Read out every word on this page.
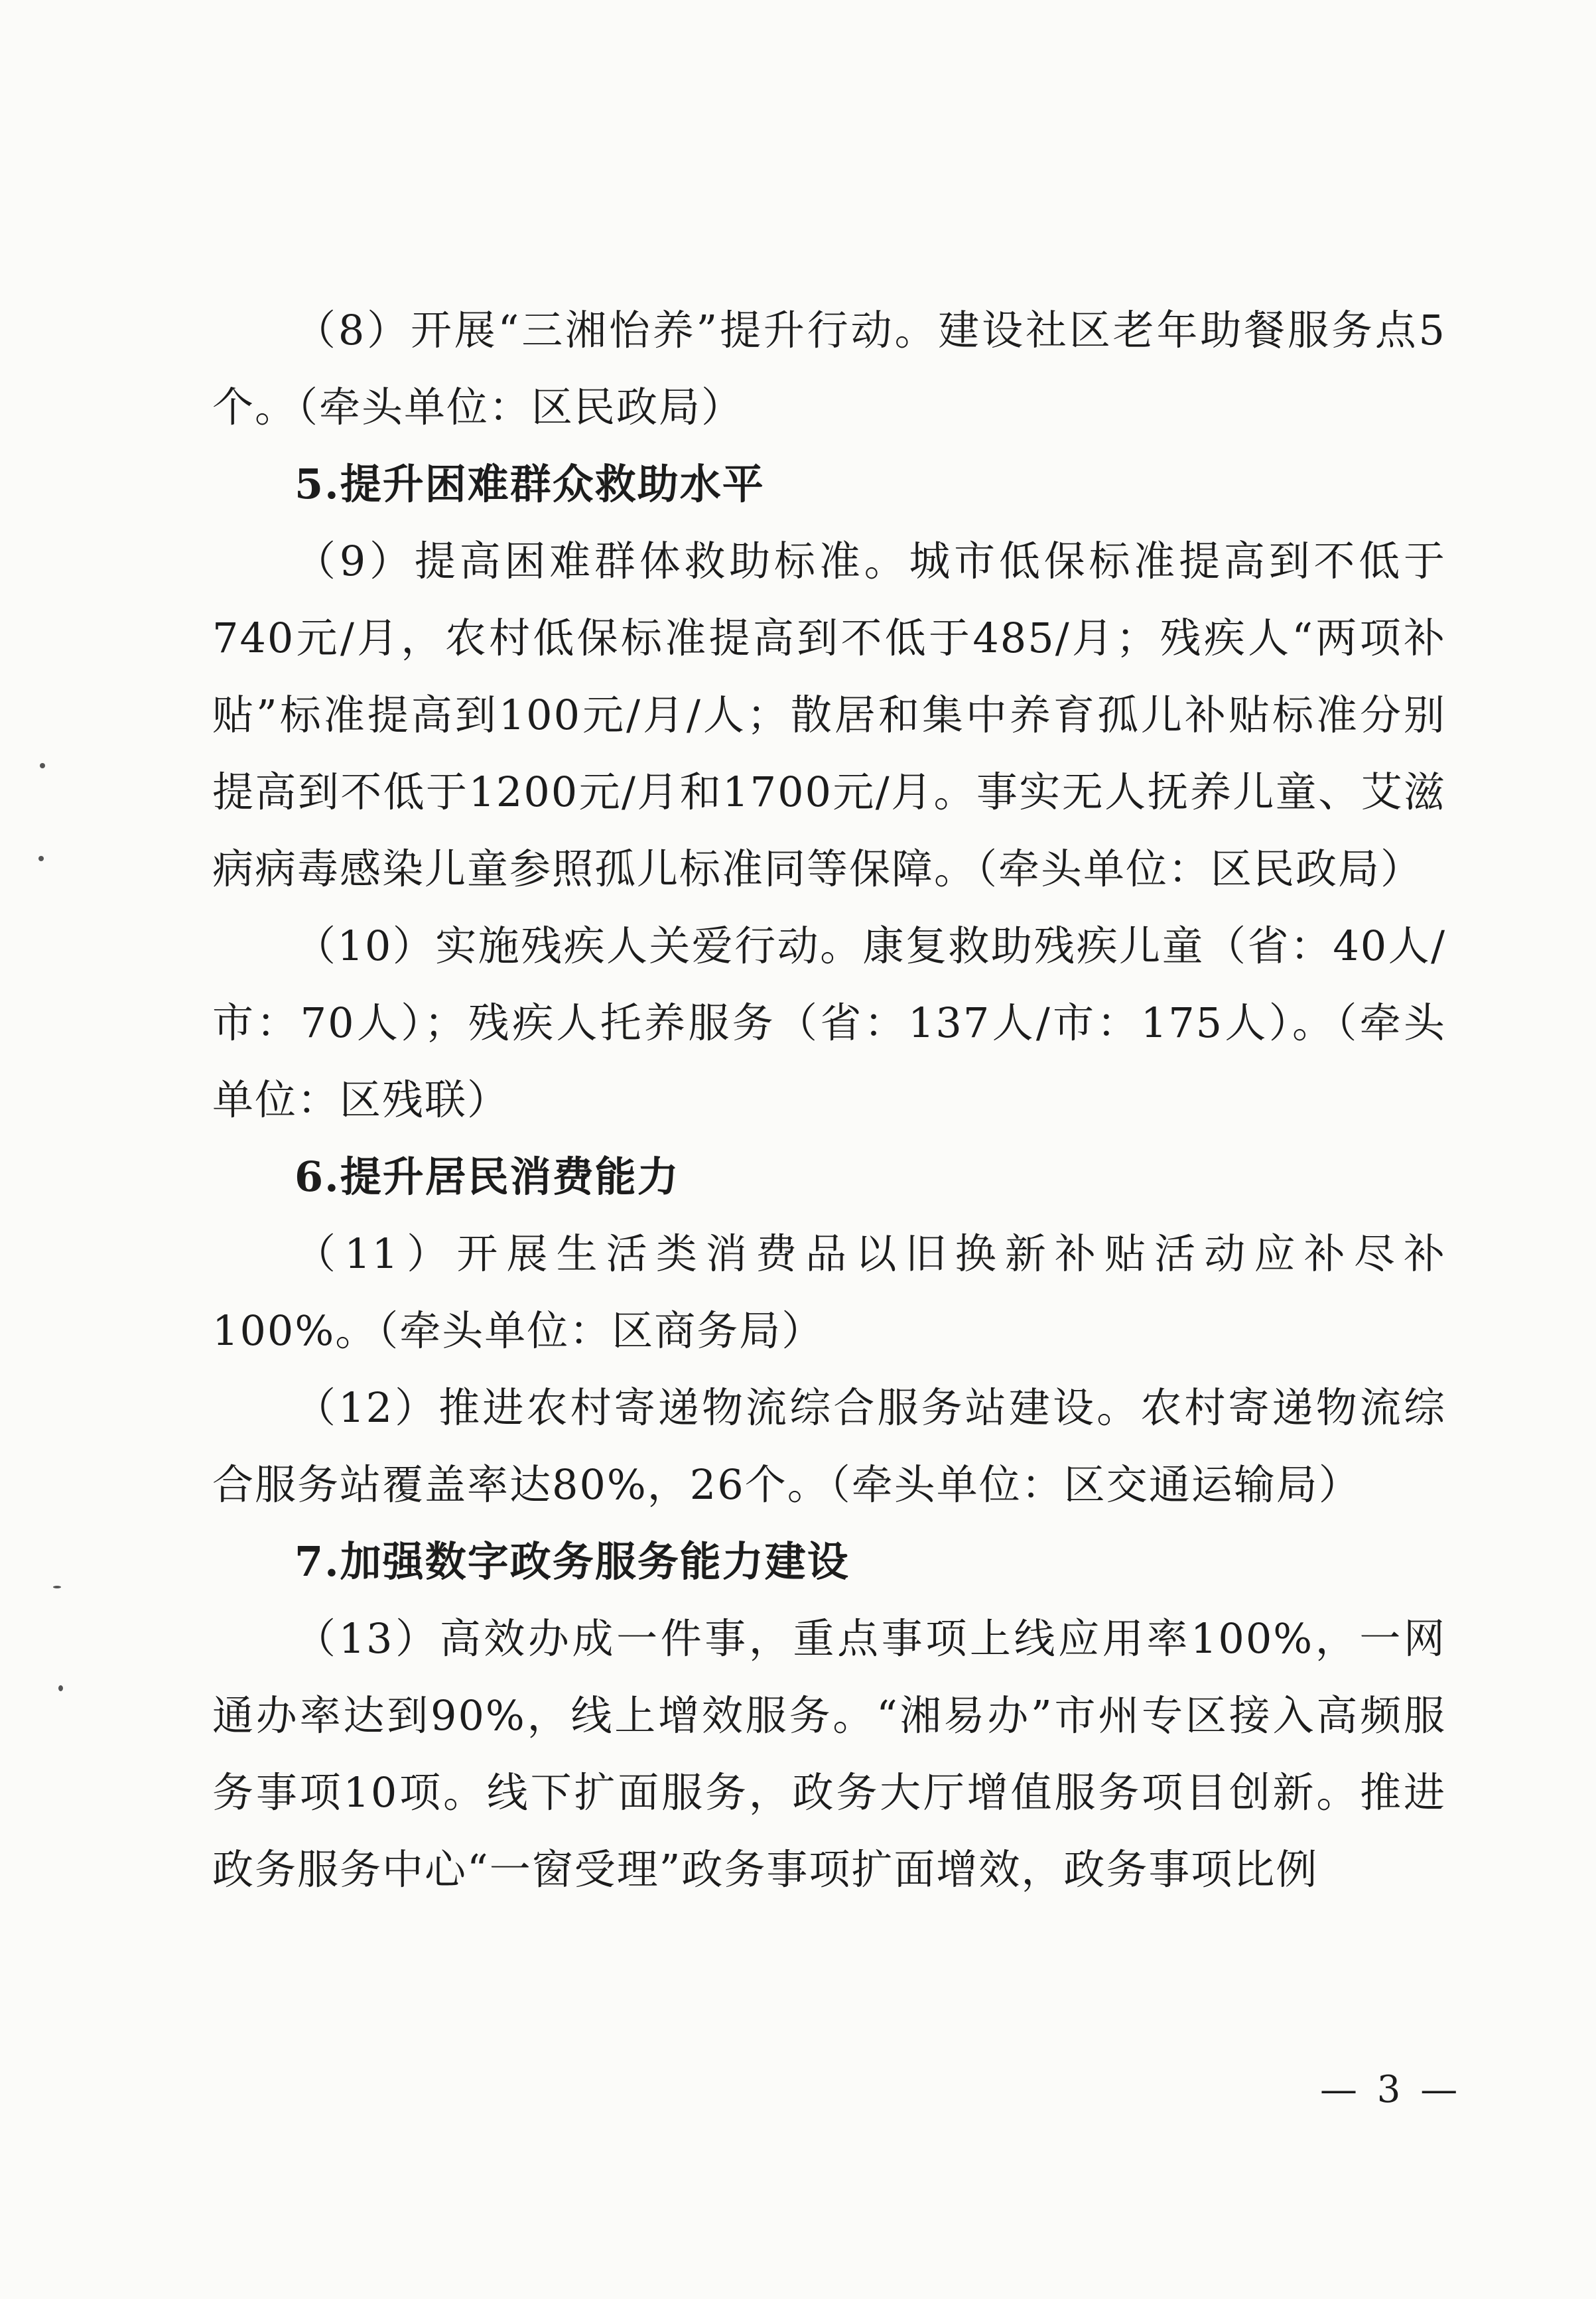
（8）开展“三湘怡养”提升行动。建设社区老年助餐服务点5个。（牵头单位：区民政局）

5.提升困难群众救助水平

（9）提高困难群体救助标准。城市低保标准提高到不低于740元/月，农村低保标准提高到不低于485/月；残疾人“两项补贴”标准提高到100元/月/人；散居和集中养育孤儿补贴标准分别提高到不低于1200元/月和1700元/月。事实无人抚养儿童、艾滋病病毒感染儿童参照孤儿标准同等保障。（牵头单位：区民政局）

（10）实施残疾人关爱行动。康复救助残疾儿童（省：40人/市：70人）；残疾人托养服务（省：137人/市：175人）。（牵头单位：区残联）

6.提升居民消费能力

（11）开展生活类消费品以旧换新补贴活动应补尽补100%。（牵头单位：区商务局）

（12）推进农村寄递物流综合服务站建设。农村寄递物流综合服务站覆盖率达80%，26个。（牵头单位：区交通运输局）

7.加强数字政务服务能力建设

（13）高效办成一件事，重点事项上线应用率100%，一网通办率达到90%，线上增效服务。“湘易办”市州专区接入高频服务事项10项。线下扩面服务，政务大厅增值服务项目创新。推进政务服务中心“一窗受理”政务事项扩面增效，政务事项比例

— 3 —
